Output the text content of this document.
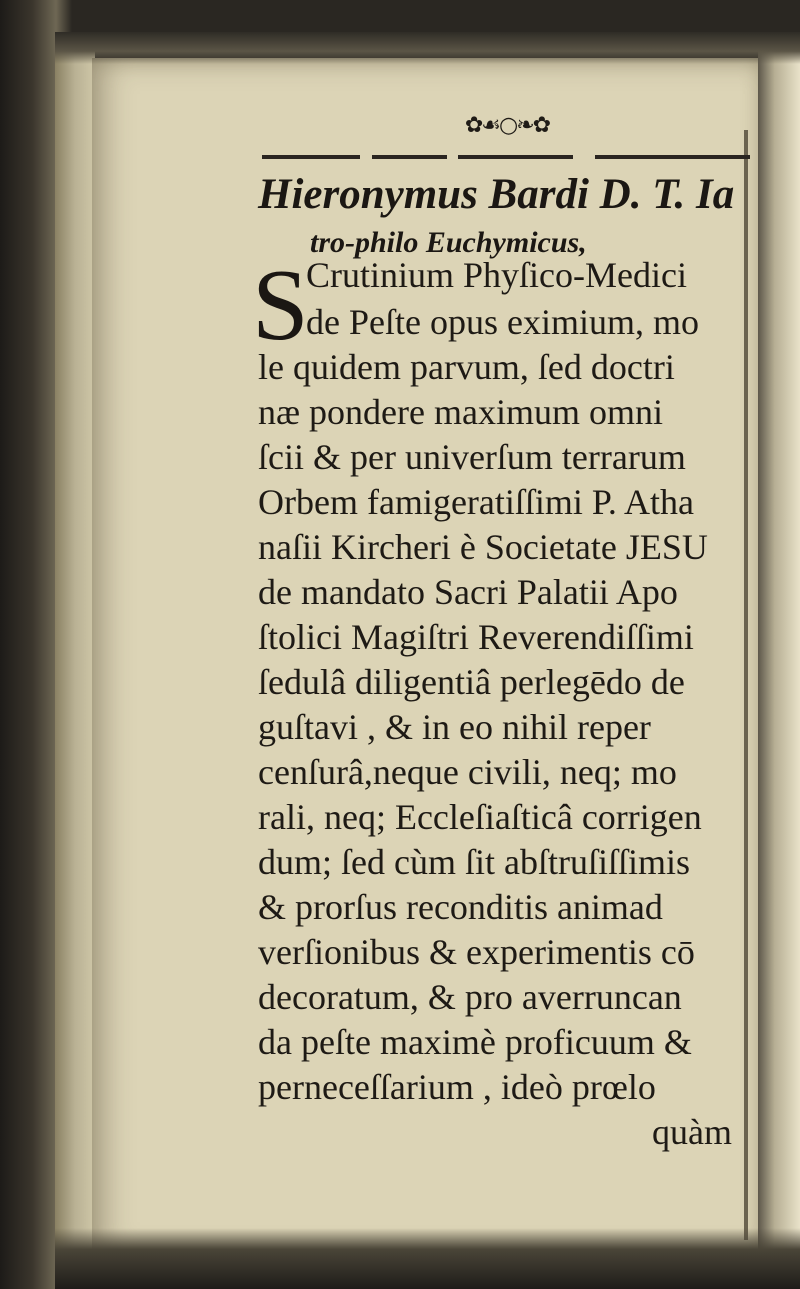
✿☙○❧✿
Hieronymus Bardi D. T. Ia
tro-philo Euchymicus,
S
Crutinium Phyſico-Medici
de Peſte opus eximium, mo
le quidem parvum, ſed doctri
næ pondere maximum omni
ſcii & per univerſum terrarum
Orbem famigeratiſſimi P. Atha
naſii Kircheri è Societate JESU
de mandato Sacri Palatii Apo
ſtolici Magiſtri Reverendiſſimi
ſedulâ diligentiâ perlegēdo de
guſtavi , & in eo nihil reper
cenſurâ,neque civili, neq; mo
rali, neq; Eccleſiaſticâ corrigen
dum; ſed cùm ſit abſtruſiſſimis
& prorſus reconditis animad
verſionibus & experimentis cō
decoratum, & pro averruncan
da peſte maximè proficuum &
perneceſſarium , ideò prœlo
quàm
